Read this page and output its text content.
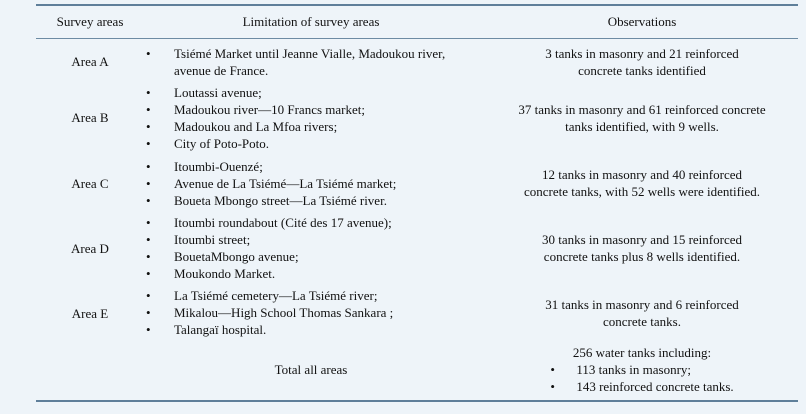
Survey areas	Limitation of survey areas	Observations
Area A
• Tsiémé Market until Jeanne Vialle, Madoukou river,
avenue de France.
3 tanks in masonry and 21 reinforced
concrete tanks identified
Area B
• Loutassi avenue;
• Madoukou river—10 Francs market;
• Madoukou and La Mfoa rivers;
• City of Poto-Poto.
37 tanks in masonry and 61 reinforced concrete
tanks identified, with 9 wells.
Area C
• Itoumbi-Ouenzé;
• Avenue de La Tsiémé—La Tsiémé market;
• Boueta Mbongo street—La Tsiémé river.
12 tanks in masonry and 40 reinforced
concrete tanks, with 52 wells were identified.
Area D
• Itoumbi roundabout (Cité des 17 avenue);
• Itoumbi street;
• BouetaMbongo avenue;
• Moukondo Market.
30 tanks in masonry and 15 reinforced
concrete tanks plus 8 wells identified.
Area E
• La Tsiémé cemetery—La Tsiémé river;
• Mikalou—High School Thomas Sankara ;
• Talangaï hospital.
31 tanks in masonry and 6 reinforced
concrete tanks.
Total all areas
256 water tanks including:
• 113 tanks in masonry;
• 143 reinforced concrete tanks.
